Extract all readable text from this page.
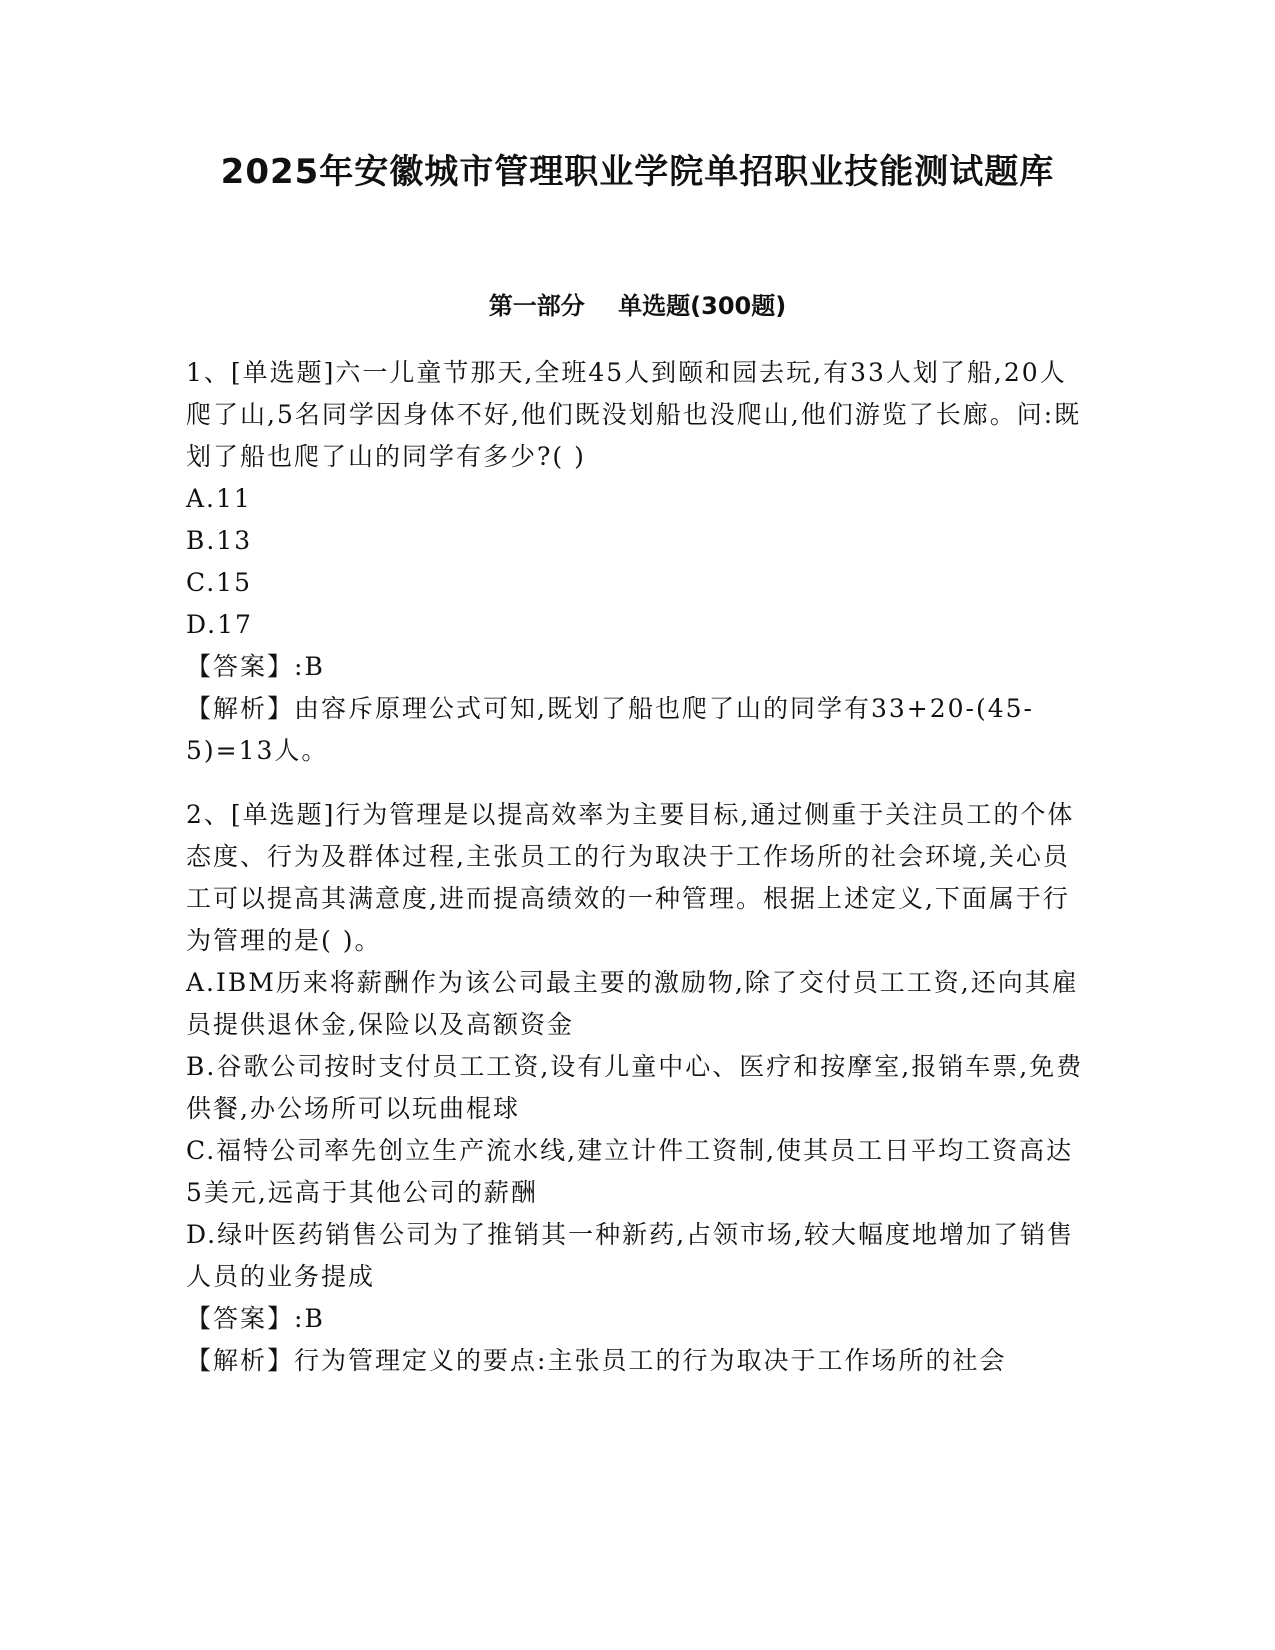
2025年安徽城市管理职业学院单招职业技能测试题库
第一部分    单选题(300题)

1、[单选题]六一儿童节那天,全班45人到颐和园去玩,有33人划了船,20人爬了山,5名同学因身体不好,他们既没划船也没爬山,他们游览了长廊。问:既划了船也爬了山的同学有多少?( )

A.11

B.13

C.15

D.17

【答案】:B

【解析】由容斥原理公式可知,既划了船也爬了山的同学有33+20-(45-5)=13人。

2、[单选题]行为管理是以提高效率为主要目标,通过侧重于关注员工的个体态度、行为及群体过程,主张员工的行为取决于工作场所的社会环境,关心员工可以提高其满意度,进而提高绩效的一种管理。根据上述定义,下面属于行为管理的是( )。

A.IBM历来将薪酬作为该公司最主要的激励物,除了交付员工工资,还向其雇员提供退休金,保险以及高额资金

B.谷歌公司按时支付员工工资,设有儿童中心、医疗和按摩室,报销车票,免费供餐,办公场所可以玩曲棍球

C.福特公司率先创立生产流水线,建立计件工资制,使其员工日平均工资高达5美元,远高于其他公司的薪酬

D.绿叶医药销售公司为了推销其一种新药,占领市场,较大幅度地增加了销售人员的业务提成

【答案】:B

【解析】行为管理定义的要点:主张员工的行为取决于工作场所的社会
